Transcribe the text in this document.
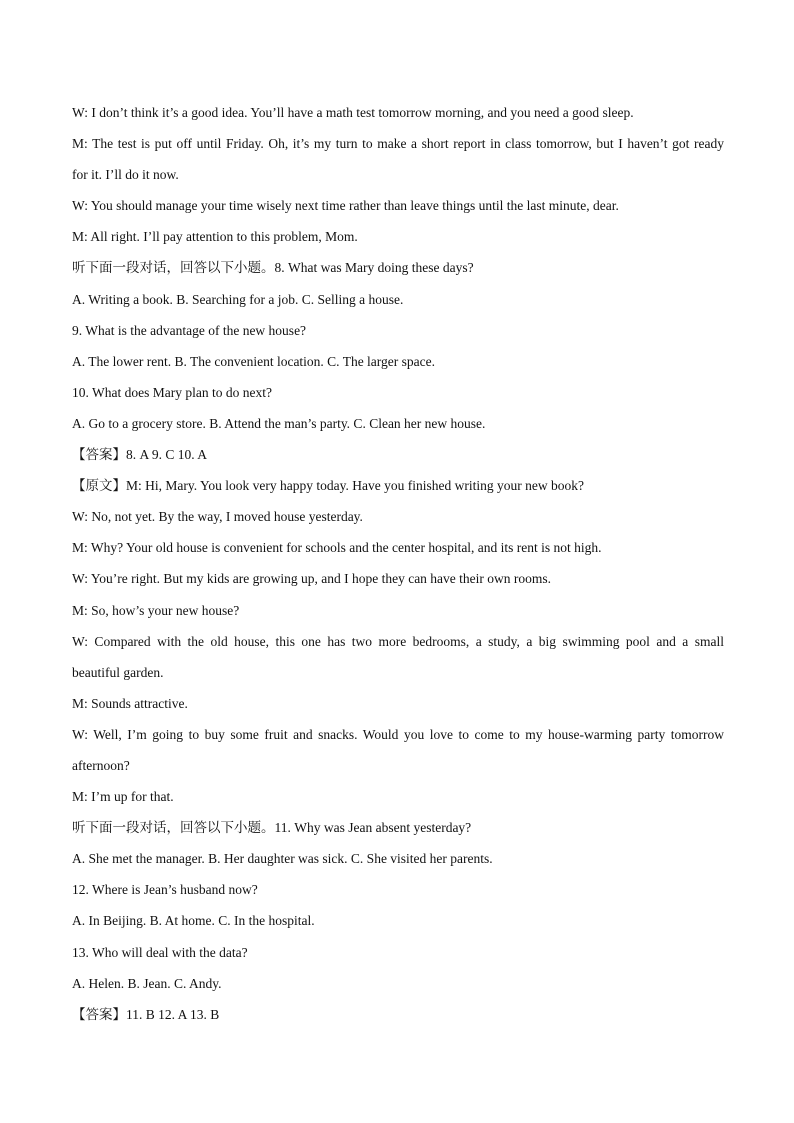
W: I don’t think it’s a good idea. You’ll have a math test tomorrow morning, and you need a good sleep.
M: The test is put off until Friday. Oh, it’s my turn to make a short report in class tomorrow, but I haven’t got ready
for it. I’ll do it now.
W: You should manage your time wisely next time rather than leave things until the last minute, dear.
M: All right. I’ll pay attention to this problem, Mom.
听下面一段对话，回答以下小题。8. What was Mary doing these days?
A. Writing a book. B. Searching for a job. C. Selling a house.
9. What is the advantage of the new house?
A. The lower rent. B. The convenient location. C. The larger space.
10. What does Mary plan to do next?
A. Go to a grocery store. B. Attend the man’s party. C. Clean her new house.
【答案】8. A 9. C 10. A
【原文】M: Hi, Mary. You look very happy today. Have you finished writing your new book?
W: No, not yet. By the way, I moved house yesterday.
M: Why? Your old house is convenient for schools and the center hospital, and its rent is not high.
W: You’re right. But my kids are growing up, and I hope they can have their own rooms.
M: So, how’s your new house?
W: Compared with the old house, this one has two more bedrooms, a study, a big swimming pool and a small
beautiful garden.
M: Sounds attractive.
W: Well, I’m going to buy some fruit and snacks. Would you love to come to my house-warming party tomorrow
afternoon?
M: I’m up for that.
听下面一段对话，回答以下小题。11. Why was Jean absent yesterday?
A. She met the manager. B. Her daughter was sick. C. She visited her parents.
12. Where is Jean’s husband now?
A. In Beijing. B. At home. C. In the hospital.
13. Who will deal with the data?
A. Helen. B. Jean. C. Andy.
【答案】11. B 12. A 13. B
